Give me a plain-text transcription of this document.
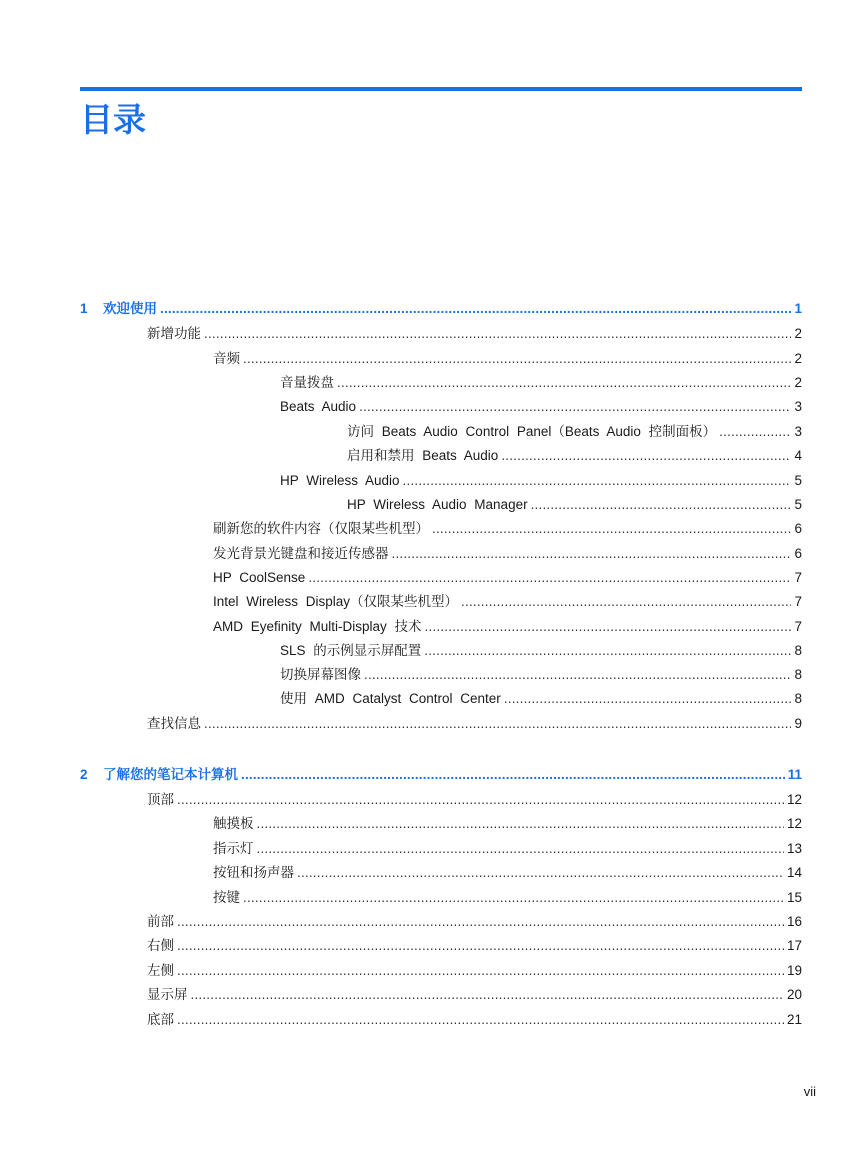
目录
1	欢迎使用 .....	1
新增功能 .....	2
音频 .....	2
音量拨盘 .....	2
Beats Audio .....	3
访问 Beats Audio Control Panel（Beats Audio 控制面板） .....	3
启用和禁用 Beats Audio .....	4
HP Wireless Audio .....	5
HP Wireless Audio Manager .....	5
刷新您的软件内容（仅限某些机型） .....	6
发光背景光键盘和接近传感器 .....	6
HP CoolSense .....	7
Intel Wireless Display（仅限某些机型） .....	7
AMD Eyefinity Multi-Display 技术 .....	7
SLS 的示例显示屏配置 .....	8
切换屏幕图像 .....	8
使用 AMD Catalyst Control Center .....	8
查找信息 .....	9
2	了解您的笔记本计算机 .....	11
顶部 .....	12
触摸板 .....	12
指示灯 .....	13
按钮和扬声器 .....	14
按键 .....	15
前部 .....	16
右侧 .....	17
左侧 .....	19
显示屏 .....	20
底部 .....	21
vii
